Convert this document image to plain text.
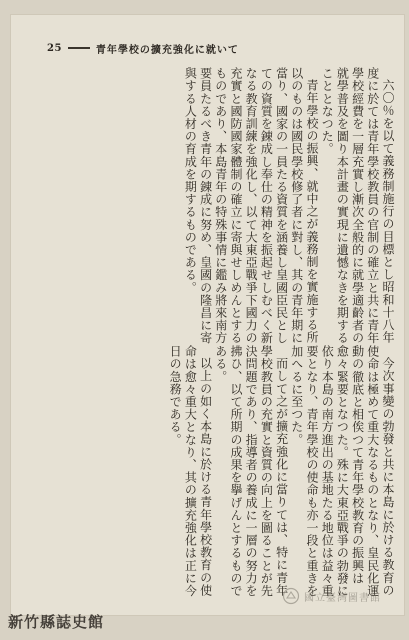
25	青年學校の擴充強化に就いて

六〇％を以て義務制施行の目標とし昭和十八年度に於ては青年學校教員の官制の確立と共に青年學校經費を一層充實し漸次全般的に就學適齡者の就學普及を圖り本計畫の實現に遺憾なきを期することとなつた。

青年學校の振興、就中之が義務制を實施する所以のものは國民學校修了者に對し、其の青年期に當り、國家の一員たる資質を涵養し皇國臣民としての資質を錬成し奉仕の精神を振起せしむべく新なる教育訓練を強化し、以て大東亞戰爭下國力の充實と國防國家體制の確立に寄與せしめんとするものであり、本島青年の特殊事情に鑑み將來南方要員たるべき青年の錬成に努め、皇國の隆昌に寄與する人材の育成を期するものである。

今次事變の勃發と共に本島に於ける教育の使命は極めて重大なるものとなり、皇民化運動の徹底と相俟つて青年學校教育の振興は愈々緊要となつた。殊に大東亞戰爭の勃發に依り本島の南方進出の基地たる地位は益々重要となり、青年學校の使命も亦一段と重きを加へるに至つた。

而して之が擴充強化に當りては、特に青年學校教員の充實と資質の向上を圖ることが先決問題であり、指導者の養成に一層の努力を拂ひ、以て所期の成果を擧げんとするものである。

以上の如く本島に於ける青年學校教育の使命は愈々重大となり、其の擴充強化は正に今日の急務である。

國立臺灣圖書館
新竹縣誌史館
